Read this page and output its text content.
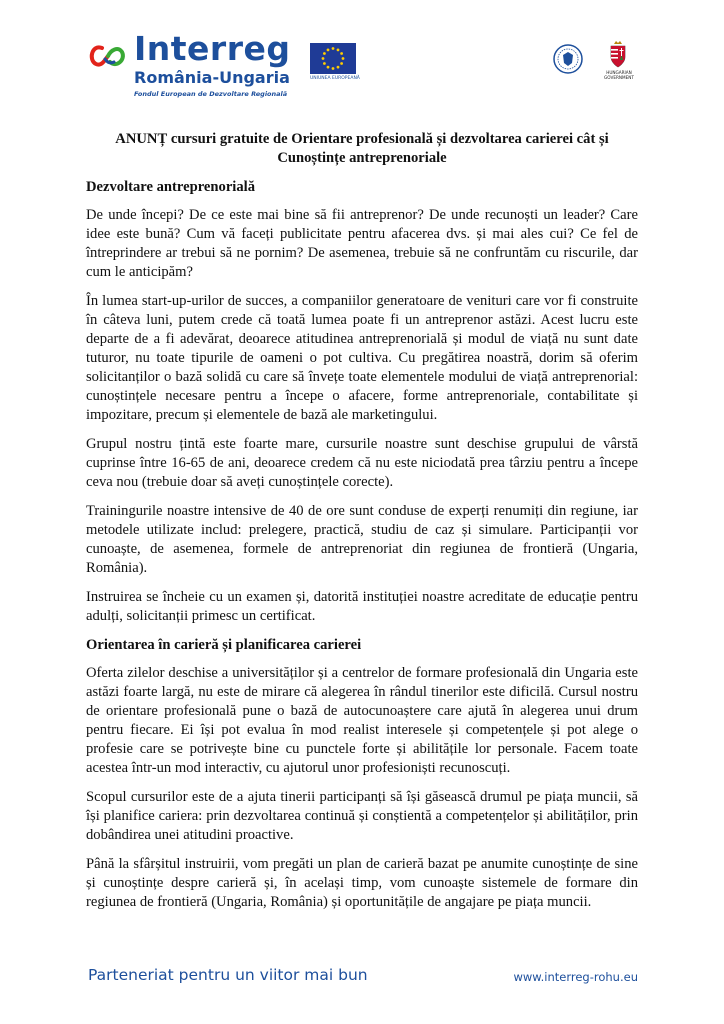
Interreg
România-Ungaria
Fondul European de Dezvoltare Regională
UNIUNEA EUROPEANĂ
HUNGARIAN
GOVERNMENT
ANUNȚ cursuri gratuite de Orientare profesională și dezvoltarea carierei cât și
Cunoștințe antreprenoriale
Dezvoltare antreprenorială

De unde începi? De ce este mai bine să fii antreprenor? De unde recunoști un leader? Care idee este bună? Cum vă faceți publicitate pentru afacerea dvs. și mai ales cui? Ce fel de întreprindere ar trebui să ne pornim? De asemenea, trebuie să ne confruntăm cu riscurile, dar cum le anticipăm?

În lumea start-up-urilor de succes, a companiilor generatoare de venituri care vor fi construite în câteva luni, putem crede că toată lumea poate fi un antreprenor astăzi. Acest lucru este departe de a fi adevărat, deoarece atitudinea antreprenorială și modul de viață nu sunt date tuturor, nu toate tipurile de oameni o pot cultiva. Cu pregătirea noastră, dorim să oferim solicitanților o bază solidă cu care să învețe toate elementele modului de viață antreprenorial: cunoștințele necesare pentru a începe o afacere, forme antreprenoriale, contabilitate și impozitare, precum și elementele de bază ale marketingului.

Grupul nostru țintă este foarte mare, cursurile noastre sunt deschise grupului de vârstă cuprinse între 16-65 de ani, deoarece credem că nu este niciodată prea târziu pentru a începe ceva nou (trebuie doar să aveți cunoștințele corecte).

Trainingurile noastre intensive de 40 de ore sunt conduse de experți renumiți din regiune, iar metodele utilizate includ: prelegere, practică, studiu de caz și simulare. Participanții vor cunoaște, de asemenea, formele de antreprenoriat din regiunea de frontieră (Ungaria, România).

Instruirea se încheie cu un examen și, datorită instituției noastre acreditate de educație pentru adulți, solicitanții primesc un certificat.

Orientarea în carieră și planificarea carierei

Oferta zilelor deschise a universităților și a centrelor de formare profesională din Ungaria este astăzi foarte largă, nu este de mirare că alegerea în rândul tinerilor este dificilă. Cursul nostru de orientare profesională pune o bază de autocunoaștere care ajută în alegerea unui drum pentru fiecare. Ei își pot evalua în mod realist interesele și competențele și pot alege o profesie care se potrivește bine cu punctele forte și abilitățile lor personale. Facem toate acestea într-un mod interactiv, cu ajutorul unor profesioniști recunoscuți.

Scopul cursurilor este de a ajuta tinerii participanți să își găsească drumul pe piața muncii, să își planifice cariera: prin dezvoltarea continuă și conștientă a competențelor și abilităților, prin dobândirea unei atitudini proactive.

Până la sfârșitul instruirii, vom pregăti un plan de carieră bazat pe anumite cunoștințe de sine și cunoștințe despre carieră și, în același timp, vom cunoaște sistemele de formare din regiunea de frontieră (Ungaria, România) și oportunitățile de angajare pe piața muncii.

Parteneriat pentru un viitor mai bun	www.interreg-rohu.eu
